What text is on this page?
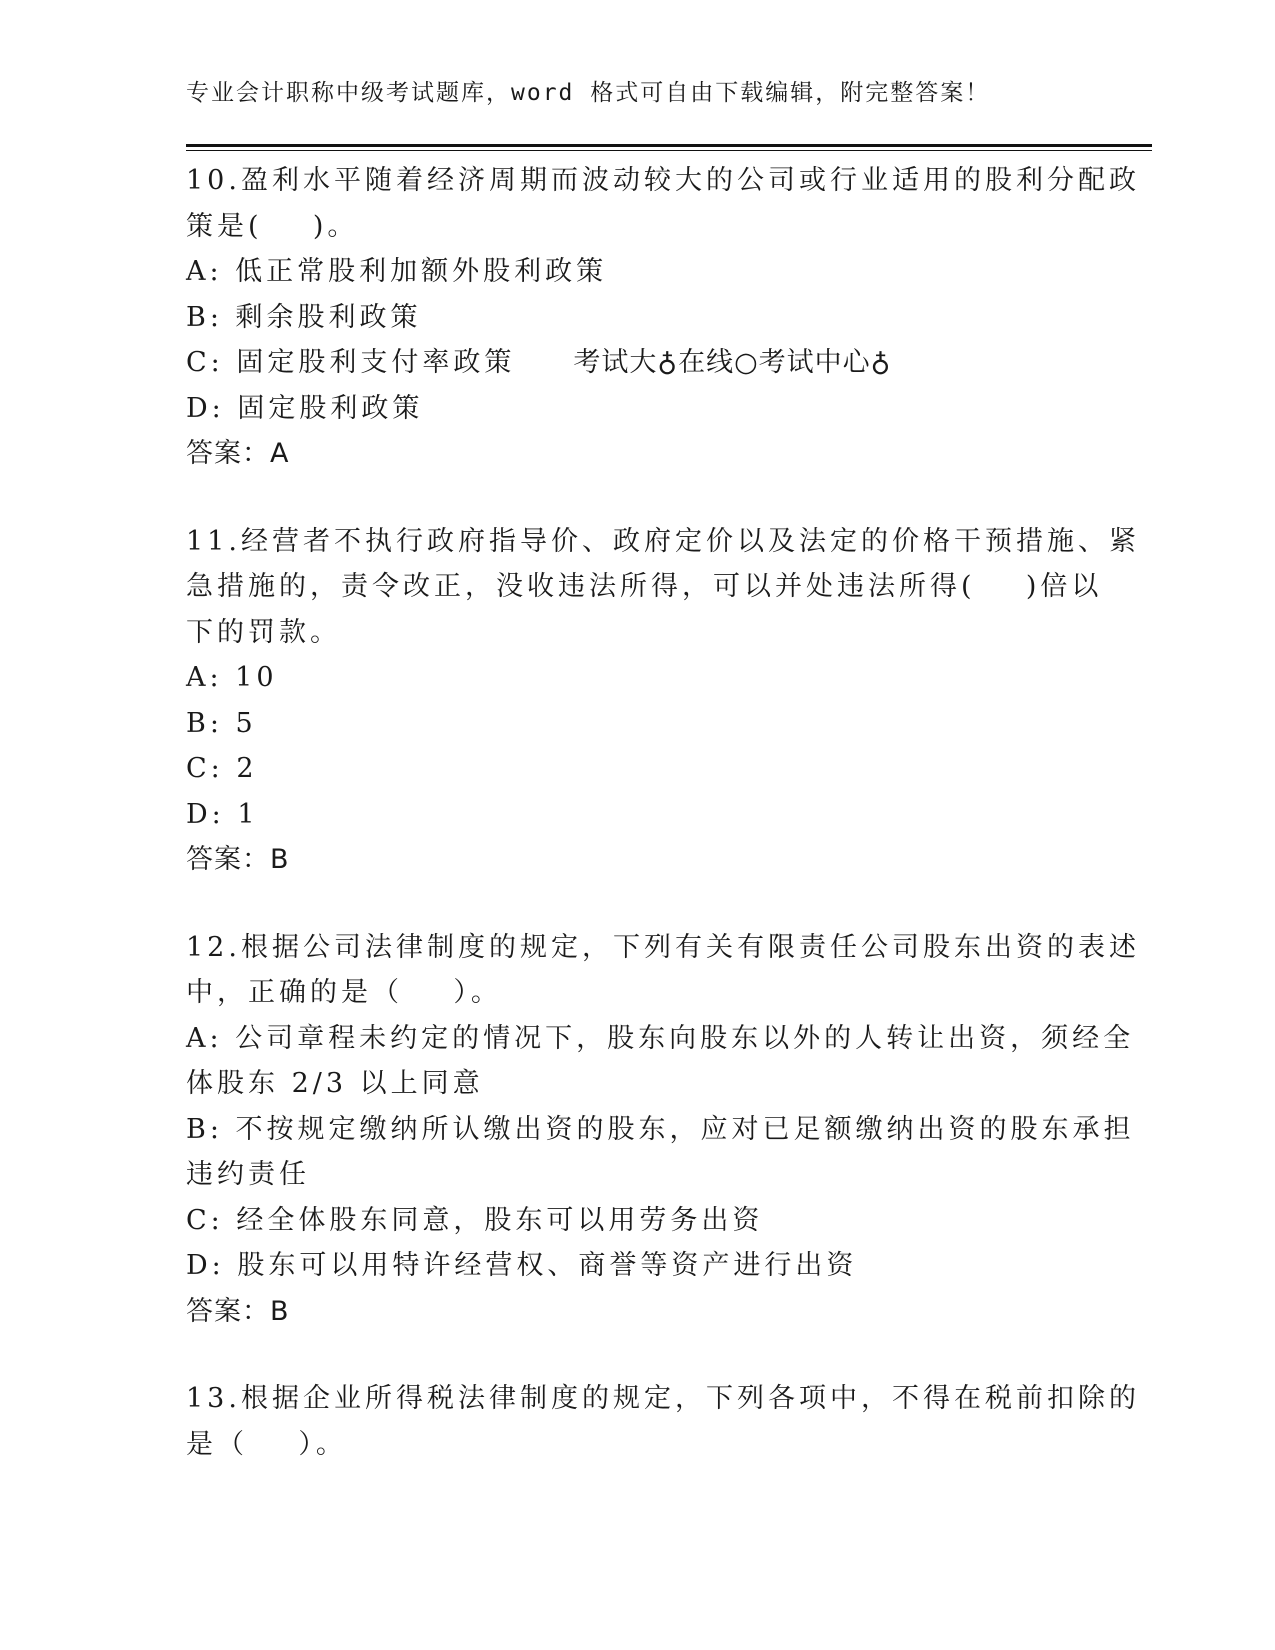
专业会计职称中级考试题库，word 格式可自由下载编辑，附完整答案！
10.盈利水平随着经济周期而波动较大的公司或行业适用的股利分配政
策是(    )。
A: 低正常股利加额外股利政策
B: 剩余股利政策
C: 固定股利支付率政策 考试大♁在线○考试中心♁
D: 固定股利政策
答案：A
11.经营者不执行政府指导价、政府定价以及法定的价格干预措施、紧
急措施的，责令改正，没收违法所得，可以并处违法所得(    )倍以
下的罚款。
A: 10
B: 5
C: 2
D: 1
答案：B
12.根据公司法律制度的规定，下列有关有限责任公司股东出资的表述
中，正确的是（    ）。
A: 公司章程未约定的情况下，股东向股东以外的人转让出资，须经全
体股东 2/3 以上同意
B: 不按规定缴纳所认缴出资的股东，应对已足额缴纳出资的股东承担
违约责任
C: 经全体股东同意，股东可以用劳务出资
D: 股东可以用特许经营权、商誉等资产进行出资
答案：B
13.根据企业所得税法律制度的规定，下列各项中，不得在税前扣除的
是（    ）。
